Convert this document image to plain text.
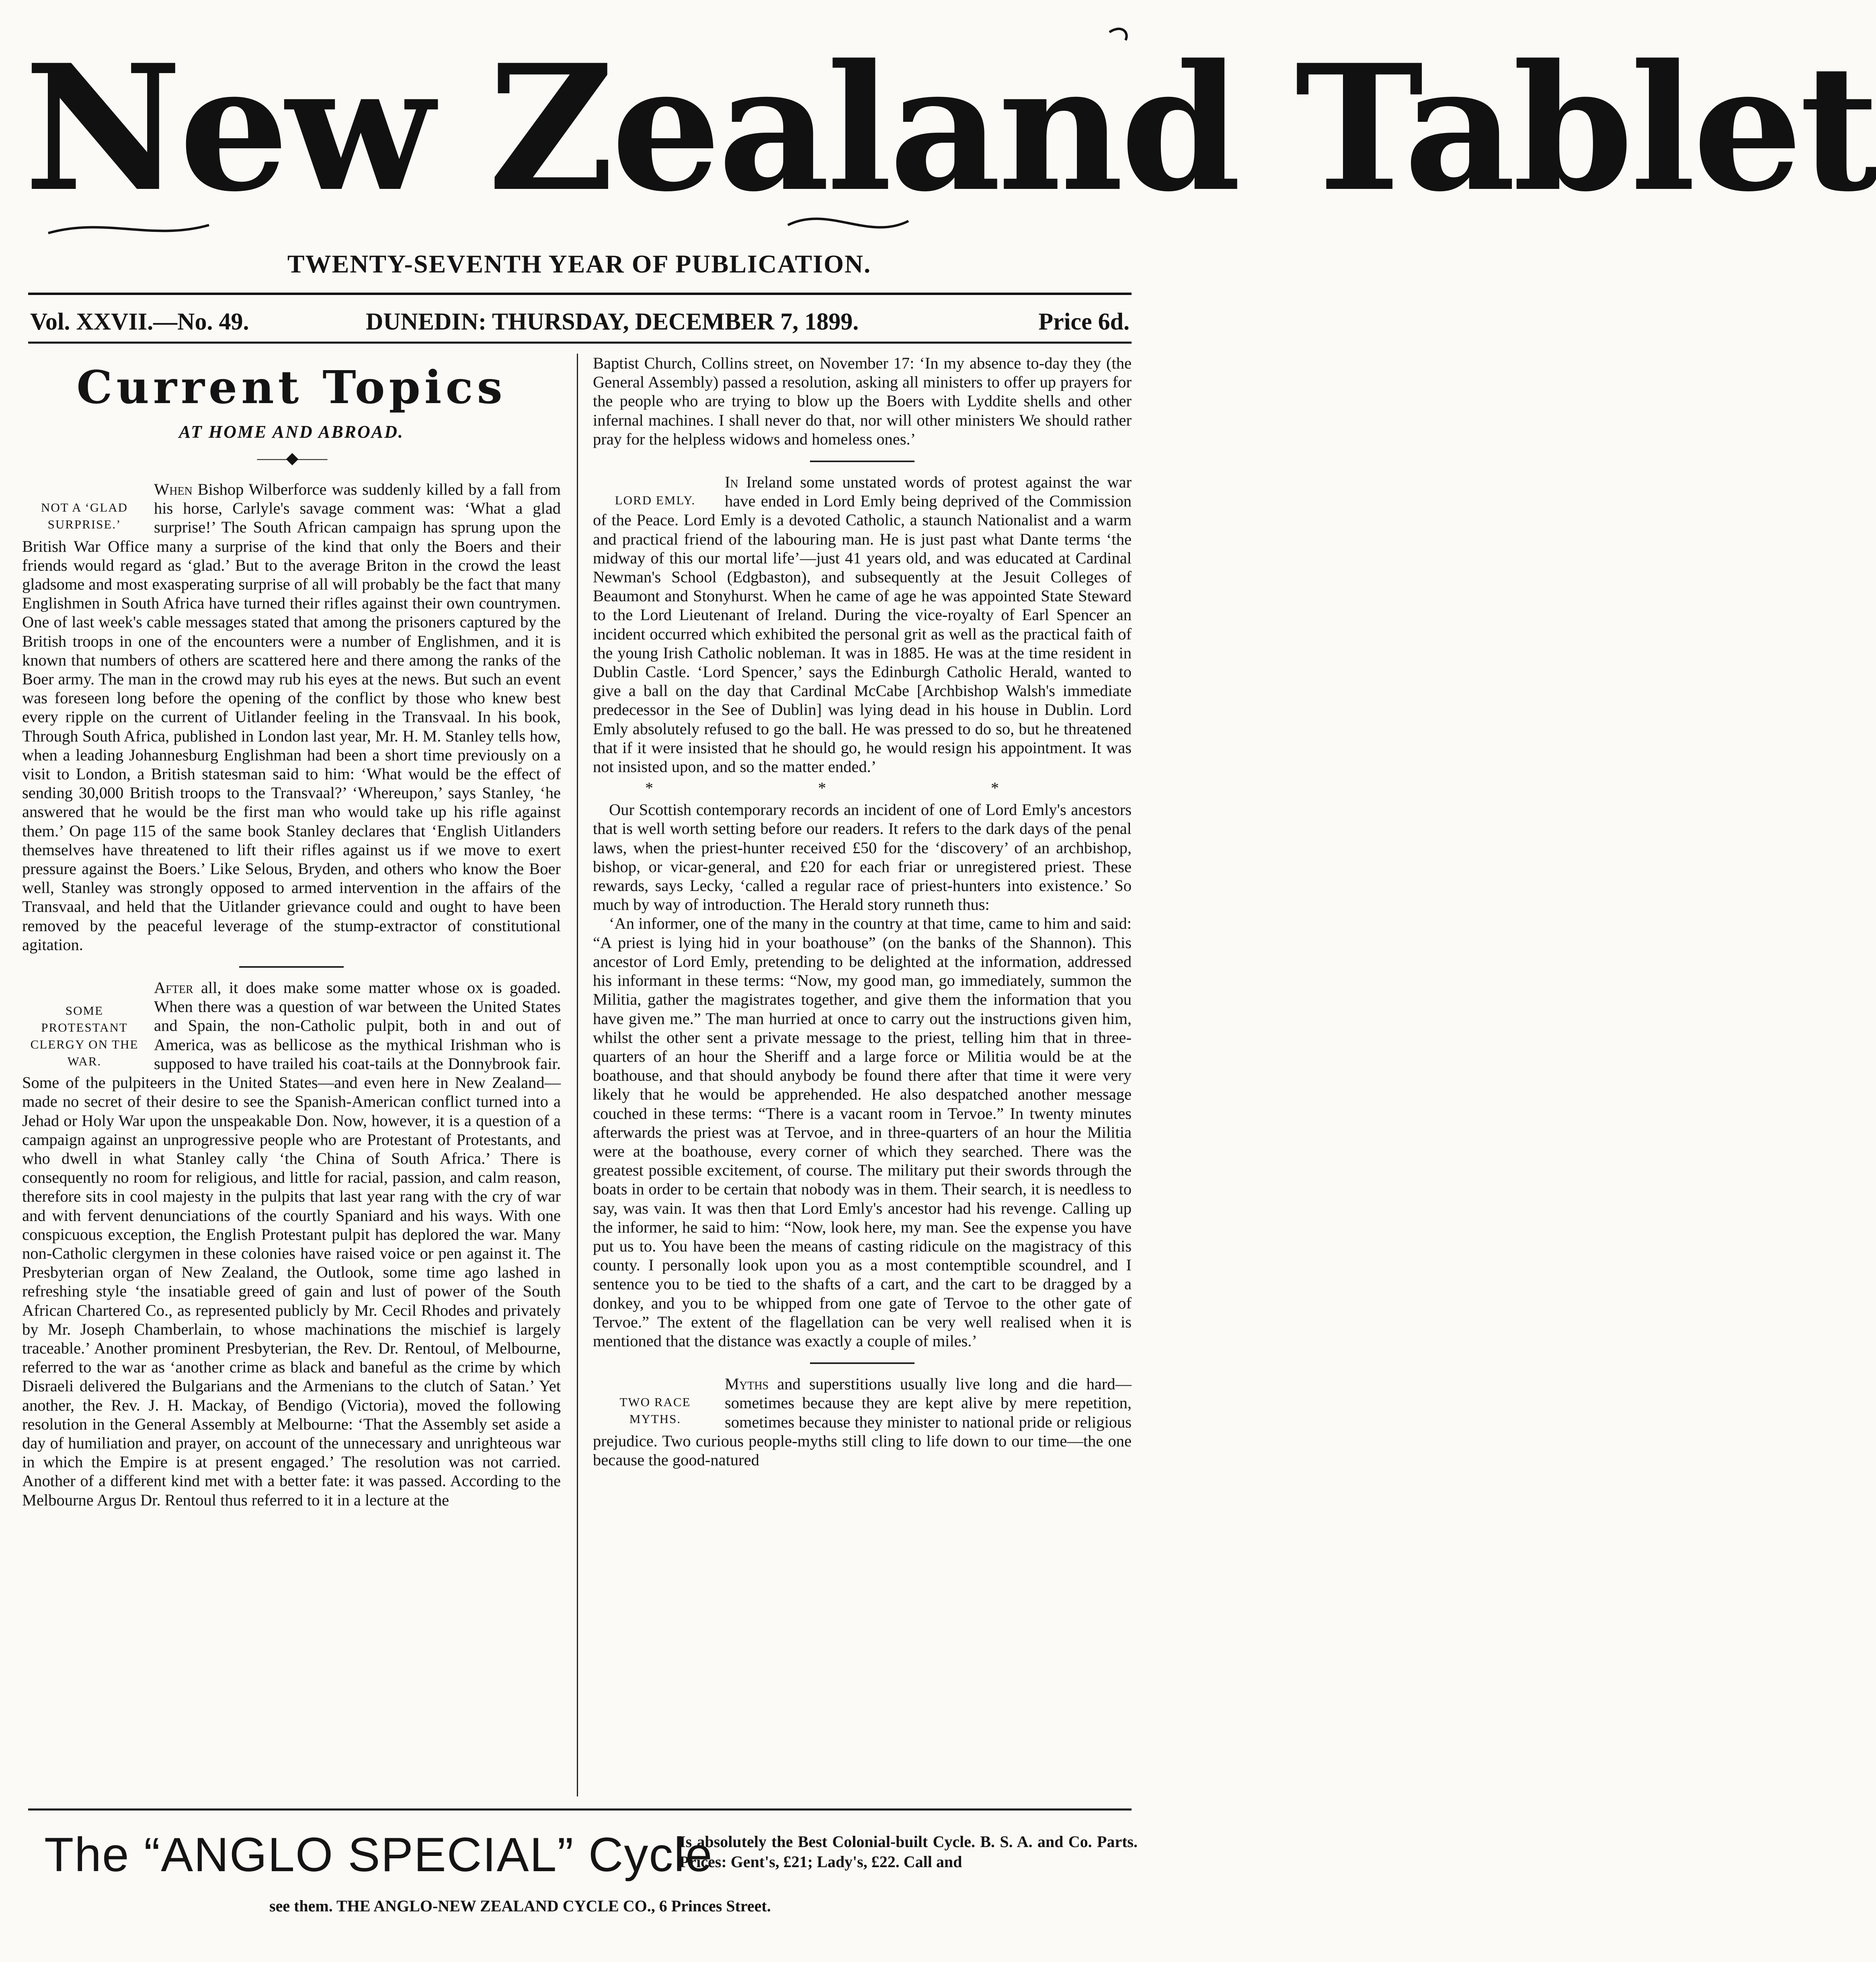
New Zealand Tablet
TWENTY-SEVENTH YEAR OF PUBLICATION.
Vol. XXVII.—No. 49.	DUNEDIN: THURSDAY, DECEMBER 7, 1899.	Price 6d.
Current Topics
AT HOME AND ABROAD.
——◆——
NOT A ‘GLAD SURPRISE.’

When Bishop Wilberforce was suddenly killed by a fall from his horse, Carlyle's savage comment was: ‘What a glad surprise!’ The South African campaign has sprung upon the British War Office many a surprise of the kind that only the Boers and their friends would regard as ‘glad.’ But to the average Briton in the crowd the least gladsome and most exasperating surprise of all will probably be the fact that many Englishmen in South Africa have turned their rifles against their own countrymen. One of last week's cable messages stated that among the prisoners captured by the British troops in one of the encounters were a number of Englishmen, and it is known that numbers of others are scattered here and there among the ranks of the Boer army. The man in the crowd may rub his eyes at the news. But such an event was foreseen long before the opening of the conflict by those who knew best every ripple on the current of Uitlander feeling in the Transvaal. In his book, Through South Africa, published in London last year, Mr. H. M. Stanley tells how, when a leading Johannesburg Englishman had been a short time previously on a visit to London, a British statesman said to him: ‘What would be the effect of sending 30,000 British troops to the Transvaal?’ ‘Whereupon,’ says Stanley, ‘he answered that he would be the first man who would take up his rifle against them.’ On page 115 of the same book Stanley declares that ‘English Uitlanders themselves have threatened to lift their rifles against us if we move to exert pressure against the Boers.’ Like Selous, Bryden, and others who know the Boer well, Stanley was strongly opposed to armed intervention in the affairs of the Transvaal, and held that the Uitlander grievance could and ought to have been removed by the peaceful leverage of the stump-extractor of constitutional agitation.

SOME PROTESTANT CLERGY ON THE WAR.

After all, it does make some matter whose ox is goaded. When there was a question of war between the United States and Spain, the non-Catholic pulpit, both in and out of America, was as bellicose as the mythical Irishman who is supposed to have trailed his coat-tails at the Donnybrook fair. Some of the pulpiteers in the United States—and even here in New Zealand—made no secret of their desire to see the Spanish-American conflict turned into a Jehad or Holy War upon the unspeakable Don. Now, however, it is a question of a campaign against an unprogressive people who are Protestant of Protestants, and who dwell in what Stanley cally ‘the China of South Africa.’ There is consequently no room for religious, and little for racial, passion, and calm reason, therefore sits in cool majesty in the pulpits that last year rang with the cry of war and with fervent denunciations of the courtly Spaniard and his ways. With one conspicuous exception, the English Protestant pulpit has deplored the war. Many non-Catholic clergymen in these colonies have raised voice or pen against it. The Presbyterian organ of New Zealand, the Outlook, some time ago lashed in refreshing style ‘the insatiable greed of gain and lust of power of the South African Chartered Co., as represented publicly by Mr. Cecil Rhodes and privately by Mr. Joseph Chamberlain, to whose machinations the mischief is largely traceable.’ Another prominent Presbyterian, the Rev. Dr. Rentoul, of Melbourne, referred to the war as ‘another crime as black and baneful as the crime by which Disraeli delivered the Bulgarians and the Armenians to the clutch of Satan.’ Yet another, the Rev. J. H. Mackay, of Bendigo (Victoria), moved the following resolution in the General Assembly at Melbourne: ‘That the Assembly set aside a day of humiliation and prayer, on account of the unnecessary and unrighteous war in which the Empire is at present engaged.’ The resolution was not carried. Another of a different kind met with a better fate: it was passed. According to the Melbourne Argus Dr. Rentoul thus referred to it in a lecture at the

Baptist Church, Collins street, on November 17: ‘In my absence to-day they (the General Assembly) passed a resolution, asking all ministers to offer up prayers for the people who are trying to blow up the Boers with Lyddite shells and other infernal machines. I shall never do that, nor will other ministers We should rather pray for the helpless widows and homeless ones.’

LORD EMLY.

In Ireland some unstated words of protest against the war have ended in Lord Emly being deprived of the Commission of the Peace. Lord Emly is a devoted Catholic, a staunch Nationalist and a warm and practical friend of the labouring man. He is just past what Dante terms ‘the midway of this our mortal life’—just 41 years old, and was educated at Cardinal Newman's School (Edgbaston), and subsequently at the Jesuit Colleges of Beaumont and Stonyhurst. When he came of age he was appointed State Steward to the Lord Lieutenant of Ireland. During the vice-royalty of Earl Spencer an incident occurred which exhibited the personal grit as well as the practical faith of the young Irish Catholic nobleman. It was in 1885. He was at the time resident in Dublin Castle. ‘Lord Spencer,’ says the Edinburgh Catholic Herald, wanted to give a ball on the day that Cardinal McCabe [Archbishop Walsh's immediate predecessor in the See of Dublin] was lying dead in his house in Dublin. Lord Emly absolutely refused to go the ball. He was pressed to do so, but he threatened that if it were insisted that he should go, he would resign his appointment. It was not insisted upon, and so the matter ended.’

* * *

Our Scottish contemporary records an incident of one of Lord Emly's ancestors that is well worth setting before our readers. It refers to the dark days of the penal laws, when the priest-hunter received £50 for the ‘discovery’ of an archbishop, bishop, or vicar-general, and £20 for each friar or unregistered priest. These rewards, says Lecky, ‘called a regular race of priest-hunters into existence.’ So much by way of introduction. The Herald story runneth thus:

‘An informer, one of the many in the country at that time, came to him and said: “A priest is lying hid in your boathouse” (on the banks of the Shannon). This ancestor of Lord Emly, pretending to be delighted at the information, addressed his informant in these terms: “Now, my good man, go immediately, summon the Militia, gather the magistrates together, and give them the information that you have given me.” The man hurried at once to carry out the instructions given him, whilst the other sent a private message to the priest, telling him that in three-quarters of an hour the Sheriff and a large force or Militia would be at the boathouse, and that should anybody be found there after that time it were very likely that he would be apprehended. He also despatched another message couched in these terms: “There is a vacant room in Tervoe.” In twenty minutes afterwards the priest was at Tervoe, and in three-quarters of an hour the Militia were at the boathouse, every corner of which they searched. There was the greatest possible excitement, of course. The military put their swords through the boats in order to be certain that nobody was in them. Their search, it is needless to say, was vain. It was then that Lord Emly's ancestor had his revenge. Calling up the informer, he said to him: “Now, look here, my man. See the expense you have put us to. You have been the means of casting ridicule on the magistracy of this county. I personally look upon you as a most contemptible scoundrel, and I sentence you to be tied to the shafts of a cart, and the cart to be dragged by a donkey, and you to be whipped from one gate of Tervoe to the other gate of Tervoe.” The extent of the flagellation can be very well realised when it is mentioned that the distance was exactly a couple of miles.’

TWO RACE MYTHS.

Myths and superstitions usually live long and die hard—sometimes because they are kept alive by mere repetition, sometimes because they minister to national pride or religious prejudice. Two curious people-myths still cling to life down to our time—the one because the good-natured

The “ANGLO SPECIAL” Cycle
Is absolutely the Best Colonial-built Cycle. B. S. A. and Co. Parts. Prices: Gent's, £21; Lady's, £22. Call and
see them. THE ANGLO-NEW ZEALAND CYCLE CO., 6 Princes Street.
